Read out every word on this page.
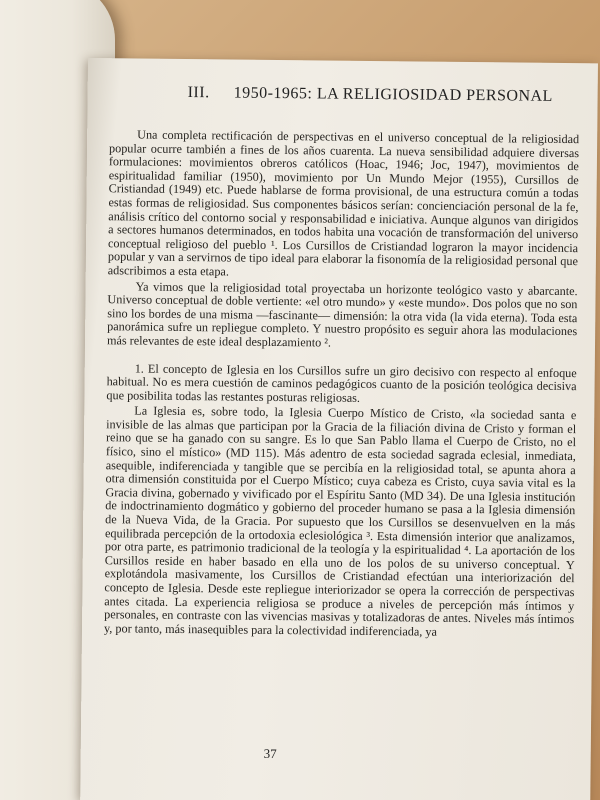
III. 1950-1965: LA RELIGIOSIDAD PERSONAL

Una completa rectificación de perspectivas en el universo conceptual de la religiosidad popular ocurre también a fines de los años cuarenta. La nueva sensibilidad adquiere diversas formulaciones: movimientos obreros católicos (Hoac, 1946; Joc, 1947), movimientos de espiritualidad familiar (1950), movimiento por Un Mundo Mejor (1955), Cursillos de Cristiandad (1949) etc. Puede hablarse de forma provisional, de una estructura común a todas estas formas de religiosidad. Sus componentes básicos serían: concienciación personal de la fe, análisis crítico del contorno social y responsabilidad e iniciativa. Aunque algunos van dirigidos a sectores humanos determinados, en todos habita una vocación de transformación del universo conceptual religioso del pueblo ¹. Los Cursillos de Cristiandad lograron la mayor incidencia popular y van a servirnos de tipo ideal para elaborar la fisonomía de la religiosidad personal que adscribimos a esta etapa.

Ya vimos que la religiosidad total proyectaba un horizonte teológico vasto y abarcante. Universo conceptual de doble vertiente: «el otro mundo» y «este mundo». Dos polos que no son sino los bordes de una misma —fascinante— dimensión: la otra vida (la vida eterna). Toda esta panorámica sufre un repliegue completo. Y nuestro propósito es seguir ahora las modulaciones más relevantes de este ideal desplazamiento ².

1. El concepto de Iglesia en los Cursillos sufre un giro decisivo con respecto al enfoque habitual. No es mera cuestión de caminos pedagógicos cuanto de la posición teológica decisiva que posibilita todas las restantes posturas religiosas.

La Iglesia es, sobre todo, la Iglesia Cuerpo Místico de Cristo, «la sociedad santa e invisible de las almas que participan por la Gracia de la filiación divina de Cristo y forman el reino que se ha ganado con su sangre. Es lo que San Pablo llama el Cuerpo de Cristo, no el físico, sino el místico» (MD 115). Más adentro de esta sociedad sagrada eclesial, inmediata, asequible, indiferenciada y tangible que se percibía en la religiosidad total, se apunta ahora a otra dimensión constituida por el Cuerpo Místico; cuya cabeza es Cristo, cuya savia vital es la Gracia divina, gobernado y vivificado por el Espíritu Santo (MD 34). De una Iglesia institución de indoctrinamiento dogmático y gobierno del proceder humano se pasa a la Iglesia dimensión de la Nueva Vida, de la Gracia. Por supuesto que los Cursillos se desenvuelven en la más equilibrada percepción de la ortodoxia eclesiológica ³. Esta dimensión interior que analizamos, por otra parte, es patrimonio tradicional de la teología y la espiritualidad ⁴. La aportación de los Cursillos reside en haber basado en ella uno de los polos de su universo conceptual. Y explotándola masivamente, los Cursillos de Cristiandad efectúan una interiorización del concepto de Iglesia. Desde este repliegue interiorizador se opera la corrección de perspectivas antes citada. La experiencia religiosa se produce a niveles de percepción más íntimos y personales, en contraste con las vivencias masivas y totalizadoras de antes. Niveles más íntimos y, por tanto, más inasequibles para la colectividad indiferenciada, ya

37
